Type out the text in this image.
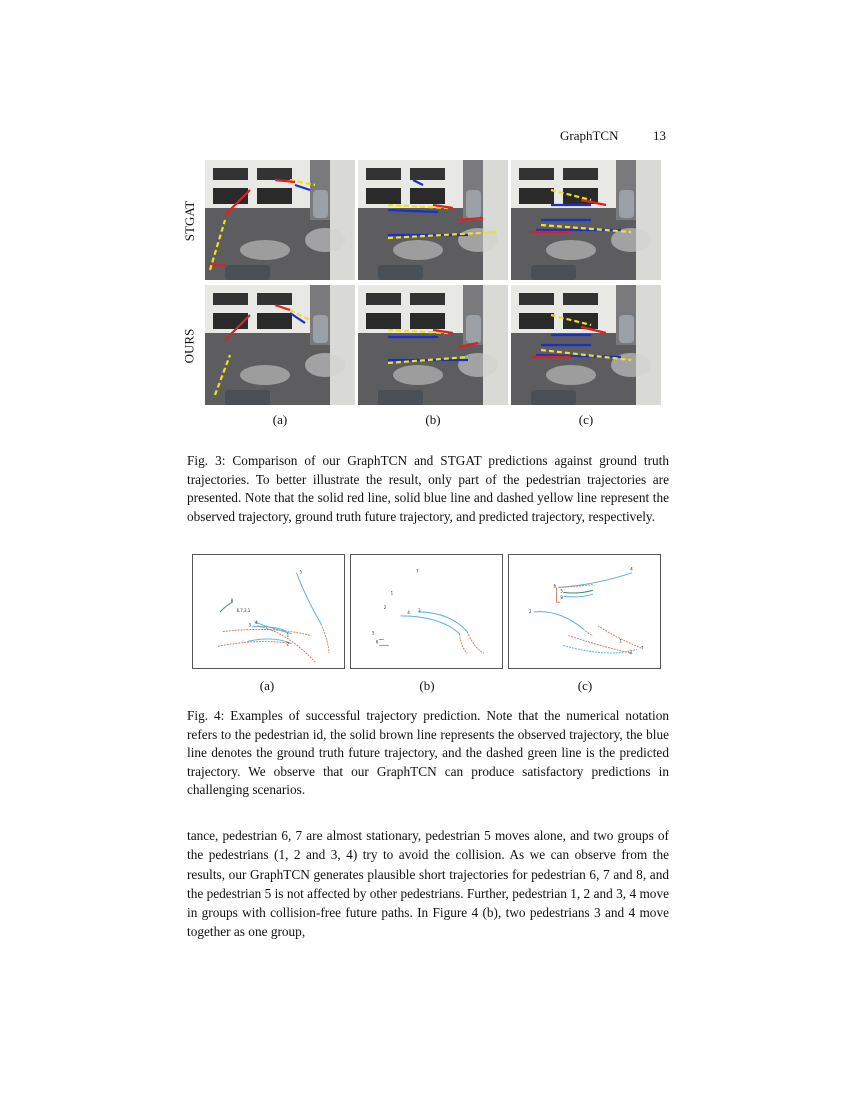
GraphTCN	13
STGAT
OURS
(a)	(b)	(c)
Fig. 3: Comparison of our GraphTCN and STGAT predictions against ground truth trajectories. To better illustrate the result, only part of the pedestrian trajectories are presented. Note that the solid red line, solid blue line and dashed yellow line represent the observed trajectory, ground truth future trajectory, and predicted trajectory, respectively.
5
8
6,7,3,1
3
4
1
2
7
1
2
4 3
5
6
4
6
5
8
2
1
7
3
(a)	(b)	(c)
Fig. 4: Examples of successful trajectory prediction. Note that the numerical notation refers to the pedestrian id, the solid brown line represents the observed trajectory, the blue line denotes the ground truth future trajectory, and the dashed green line is the predicted trajectory. We observe that our GraphTCN can produce satisfactory predictions in challenging scenarios.
tance, pedestrian 6, 7 are almost stationary, pedestrian 5 moves alone, and two groups of the pedestrians (1, 2 and 3, 4) try to avoid the collision. As we can observe from the results, our GraphTCN generates plausible short trajectories for pedestrian 6, 7 and 8, and the pedestrian 5 is not affected by other pedestrians. Further, pedestrian 1, 2 and 3, 4 move in groups with collision-free future paths. In Figure 4 (b), two pedestrians 3 and 4 move together as one group,
